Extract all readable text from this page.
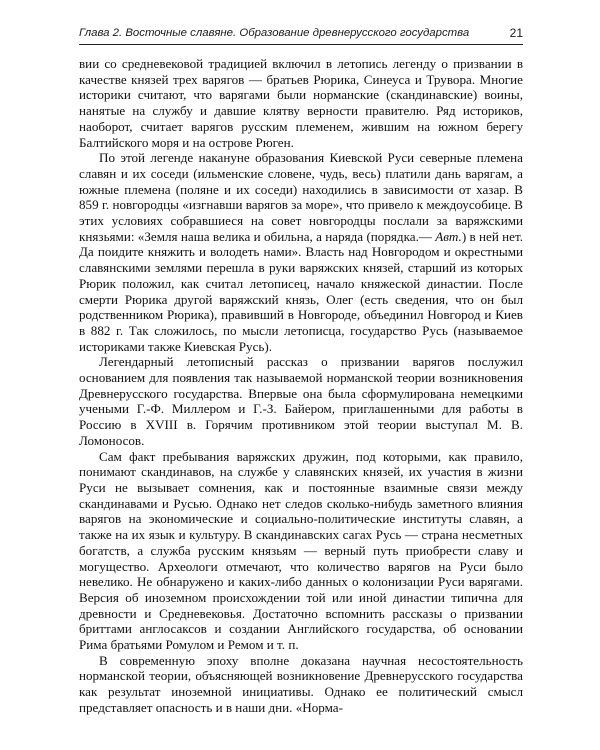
Глава 2. Восточные славяне. Образование древнерусского государства	21

вии со средневековой традицией включил в летопись легенду о призвании в качестве князей трех варягов — братьев Рюрика, Синеуса и Трувора. Многие историки считают, что варягами были норманские (скандинавские) воины, нанятые на службу и давшие клятву верности правителю. Ряд историков, наоборот, считает варягов русским племенем, жившим на южном берегу Балтийского моря и на острове Рюген.

По этой легенде накануне образования Киевской Руси северные племена славян и их соседи (ильменские словене, чудь, весь) платили дань варягам, а южные племена (поляне и их соседи) находились в зависимости от хазар. В 859 г. новгородцы «изгнавши варягов за море», что привело к междоусобице. В этих условиях собравшиеся на совет новгородцы послали за варяжскими князьями: «Земля наша велика и обильна, а наряда (порядка.— Авт.) в ней нет. Да поидите княжить и володеть нами». Власть над Новгородом и окрестными славянскими землями перешла в руки варяжских князей, старший из которых Рюрик положил, как считал летописец, начало княжеской династии. После смерти Рюрика другой варяжский князь, Олег (есть сведения, что он был родственником Рюрика), правивший в Новгороде, объединил Новгород и Киев в 882 г. Так сложилось, по мысли летописца, государство Русь (называемое историками также Киевская Русь).

Легендарный летописный рассказ о призвании варягов послужил основанием для появления так называемой норманской теории возникновения Древнерусского государства. Впервые она была сформулирована немецкими учеными Г.-Ф. Миллером и Г.-З. Байером, приглашенными для работы в Россию в XVIII в. Горячим противником этой теории выступал М. В. Ломоносов.

Сам факт пребывания варяжских дружин, под которыми, как правило, понимают скандинавов, на службе у славянских князей, их участия в жизни Руси не вызывает сомнения, как и постоянные взаимные связи между скандинавами и Русью. Однако нет следов сколько-нибудь заметного влияния варягов на экономические и социально-политические институты славян, а также на их язык и культуру. В скандинавских сагах Русь — страна несметных богатств, а служба русским князьям — верный путь приобрести славу и могущество. Археологи отмечают, что количество варягов на Руси было невелико. Не обнаружено и каких-либо данных о колонизации Руси варягами. Версия об иноземном происхождении той или иной династии типична для древности и Средневековья. Достаточно вспомнить рассказы о призвании бриттами англосаксов и создании Английского государства, об основании Рима братьями Ромулом и Ремом и т. п.

В современную эпоху вполне доказана научная несостоятельность норманской теории, объясняющей возникновение Древнерусского государства как результат иноземной инициативы. Однако ее политический смысл представляет опасность и в наши дни. «Норма-
